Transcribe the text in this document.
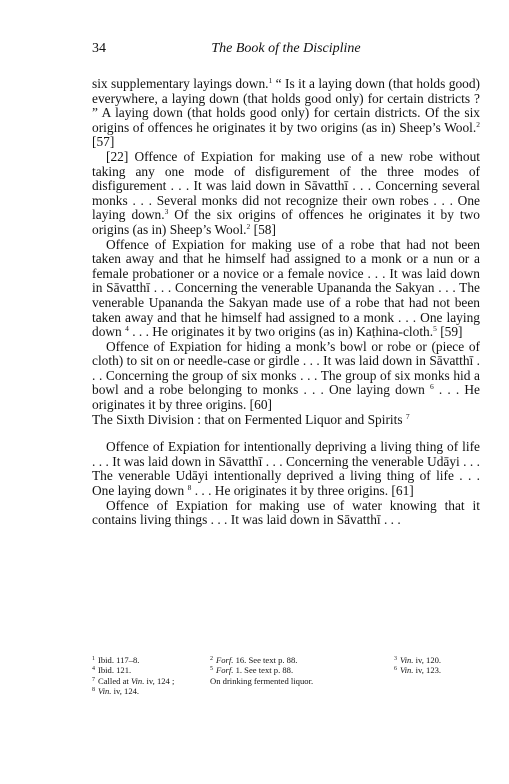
34	The Book of the Discipline

six supplementary layings down.$^1$ “ Is it a laying down (that holds good) everywhere, a laying down (that holds good only) for certain districts ? ” A laying down (that holds good only) for certain districts. Of the six origins of offences he originates it by two origins (as in) Sheep’s Wool.$^2$ [57]

[22] Offence of Expiation for making use of a new robe without taking any one mode of disfigurement of the three modes of disfigurement . . . It was laid down in Sāvatthī . . . Concerning several monks . . . Several monks did not recognize their own robes . . . One laying down.$^3$ Of the six origins of offences he originates it by two origins (as in) Sheep’s Wool.$^2$ [58]

Offence of Expiation for making use of a robe that had not been taken away and that he himself had assigned to a monk or a nun or a female probationer or a novice or a female novice . . . It was laid down in Sāvatthī . . . Concerning the venerable Upananda the Sakyan . . . The venerable Upananda the Sakyan made use of a robe that had not been taken away and that he himself had assigned to a monk . . . One laying down $^4$ . . . He originates it by two origins (as in) Kaṭhina-cloth.$^5$ [59]

Offence of Expiation for hiding a monk’s bowl or robe or (piece of cloth) to sit on or needle-case or girdle . . . It was laid down in Sāvatthī . . . Concerning the group of six monks . . . The group of six monks hid a bowl and a robe belonging to monks . . . One laying down $^6$ . . . He originates it by three origins. [60]

The Sixth Division : that on Fermented Liquor and Spirits $^7$

Offence of Expiation for intentionally depriving a living thing of life . . . It was laid down in Sāvatthī . . . Concerning the venerable Udāyi . . . The venerable Udāyi intentionally deprived a living thing of life . . . One laying down $^8$ . . . He originates it by three origins. [61]

Offence of Expiation for making use of water knowing that it contains living things . . . It was laid down in Sāvatthī . . .

$^1$ Ibid. 117–8.
$^4$ Ibid. 121.
$^7$ Called at Vin. iv, 124 ;
$^8$ Vin. iv, 124.
$^2$ Forf. 16. See text p. 88.
$^5$ Forf. 1. See text p. 88.
On drinking fermented liquor.
$^3$ Vin. iv, 120.
$^6$ Vin. iv, 123.
